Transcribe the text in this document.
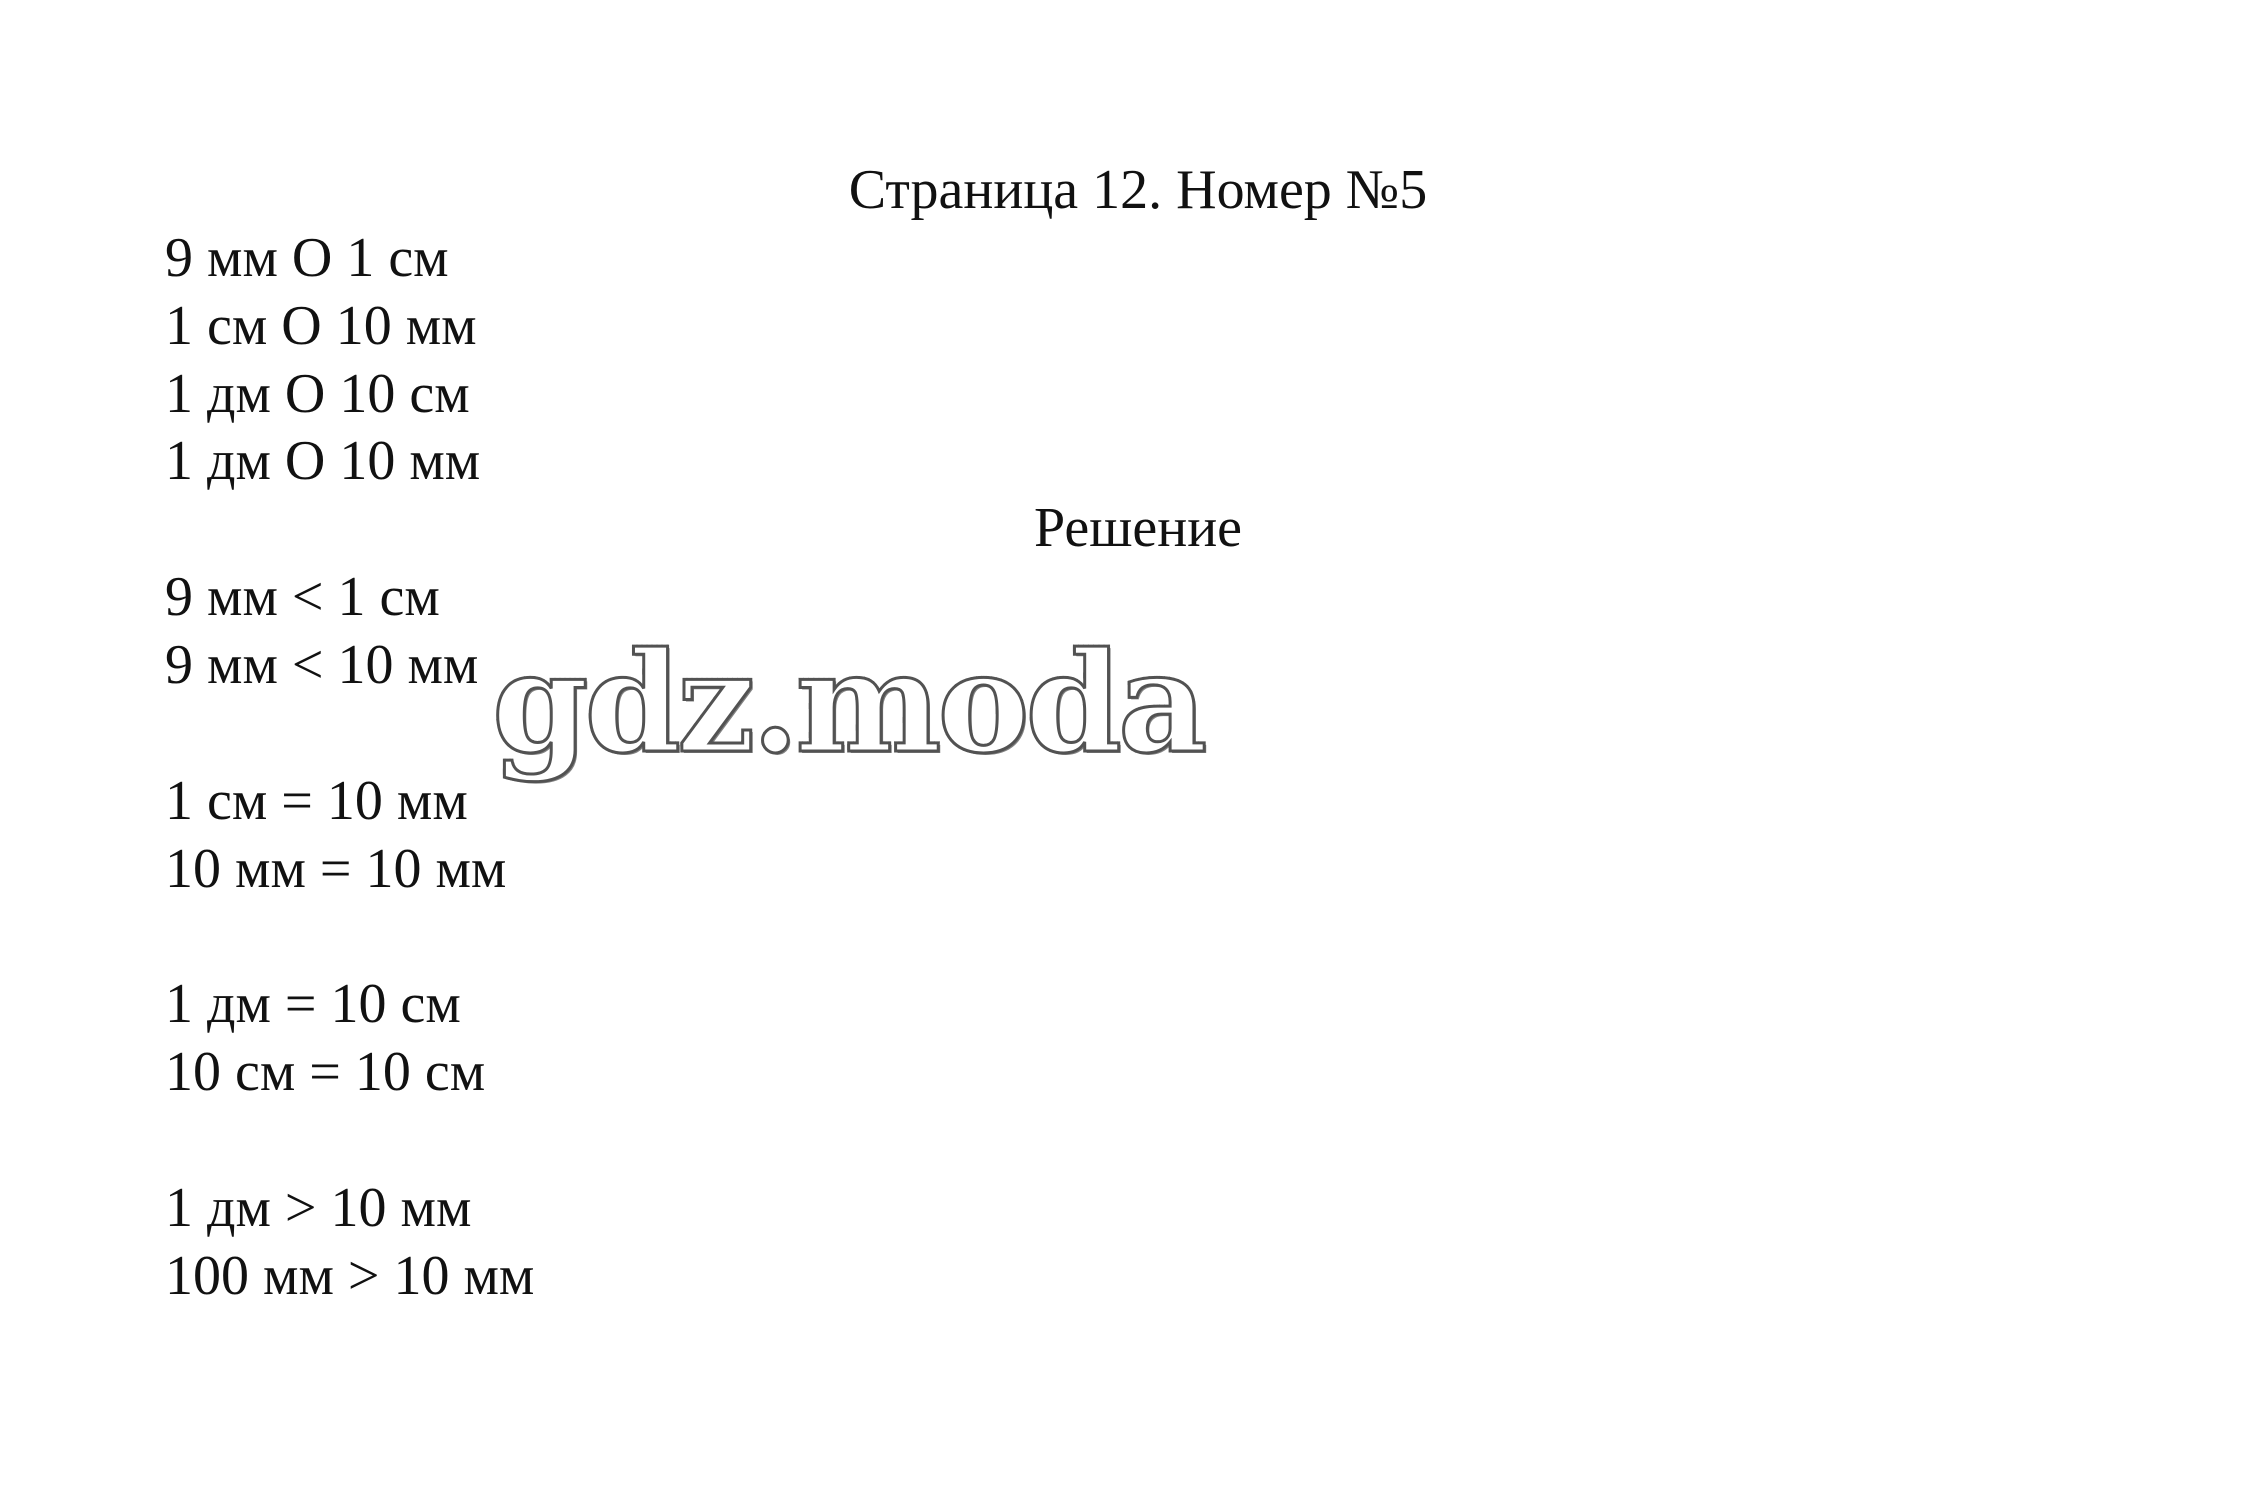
Страница 12. Номер №5
9 мм O 1 см
1 см O 10 мм
1 дм O 10 см
1 дм O 10 мм
Решение
9 мм < 1 см
9 мм < 10 мм
1 см = 10 мм
10 мм = 10 мм
1 дм = 10 см
10 см = 10 см
1 дм > 10 мм
100 мм > 10 мм
gdz.moda
